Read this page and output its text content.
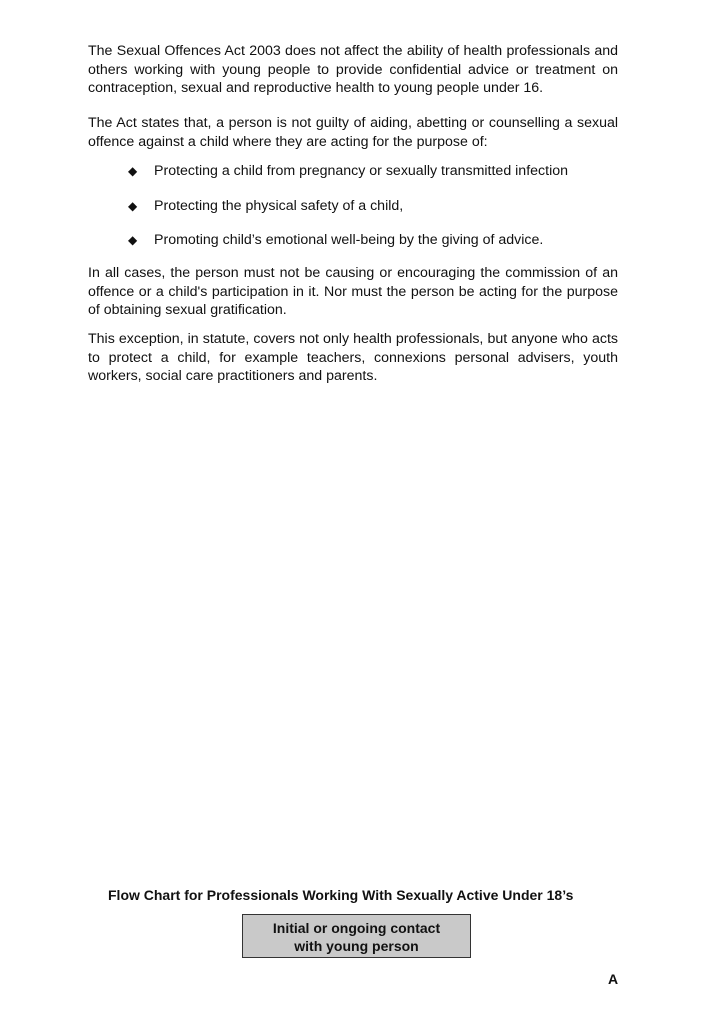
The Sexual Offences Act 2003 does not affect the ability of health professionals and others working with young people to provide confidential advice or treatment on contraception, sexual and reproductive health to young people under 16.

The Act states that, a person is not guilty of aiding, abetting or counselling a sexual offence against a child where they are acting for the purpose of:

◆	Protecting a child from pregnancy or sexually transmitted infection
◆	Protecting the physical safety of a child,
◆	Promoting child’s emotional well-being by the giving of advice.

In all cases, the person must not be causing or encouraging the commission of an offence or a child's participation in it. Nor must the person be acting for the purpose of obtaining sexual gratification.

This exception, in statute, covers not only health professionals, but anyone who acts to protect a child, for example teachers, connexions personal advisers, youth workers, social care practitioners and parents.

Flow Chart for Professionals Working With Sexually Active Under 18’s

Initial or ongoing contact
with young person

A
